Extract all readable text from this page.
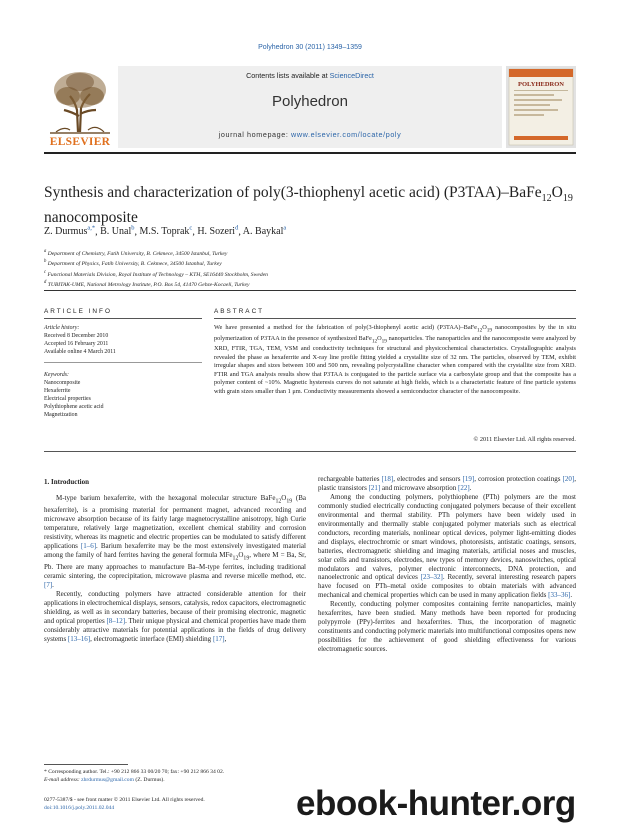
Polyhedron 30 (2011) 1349–1359
ELSEVIER
Contents lists available at ScienceDirect
Polyhedron
journal homepage: www.elsevier.com/locate/poly
POLYHEDRON
Synthesis and characterization of poly(3-thiophenyl acetic acid) $(P3TAA)-BaFe_{12}O_{19}$
nanocomposite
Z. Durmus$^{a,*}$, B. Unal$^b$, M.S. Toprak$^c$, H. Sozeri$^d$, A. Baykal$^a$
$^a$ Department of Chemistry, Fatih University, B. Cekmece, 34500 Istanbul, Turkey
$^b$ Department of Physics, Fatih University, B. Cekmece, 34500 Istanbul, Turkey
$^c$ Functional Materials Division, Royal Institute of Technology – KTH, SE16440 Stockholm, Sweden
$^d$ TUBITAK-UME, National Metrology Institute, P.O. Box 54, 41470 Gebze-Kocaeli, Turkey
ARTICLE INFO
Article history:
Received 8 December 2010
Accepted 16 February 2011
Available online 4 March 2011
Keywords:
Nanocomposite
Hexaferrite
Electrical properties
Polythiophene acetic acid
Magnetization
ABSTRACT
We have presented a method for the fabrication of poly(3-thiophenyl acetic acid) $(P3TAA)-BaFe_{12}O_{19}$ nanocomposites by the in situ polymerization of P3TAA in the presence of synthesized $BaFe_{12}O_{19}$ nanoparticles. The nanoparticles and the nanocomposite were analyzed by XRD, FTIR, TGA, TEM, VSM and conductivity techniques for structural and physicochemical characteristics. Crystallographic analysis revealed the phase as hexaferrite and X-ray line profile fitting yielded a crystallite size of 32 nm. The particles, observed by TEM, exhibit irregular shapes and sizes between 100 and 500 nm, revealing polycrystalline character when compared with the crystallite size from XRD. FTIR and TGA analysis results show that P3TAA is conjugated to the particle surface via a carboxylate group and that the composite has a polymer content of ~10%. Magnetic hysteresis curves do not saturate at high fields, which is a characteristic feature of fine particle systems with grain sizes smaller than 1 μm. Conductivity measurements showed a semiconductor character of the nanocomposite.
© 2011 Elsevier Ltd. All rights reserved.
1. Introduction

M-type barium hexaferrite, with the hexagonal molecular structure $BaFe_{12}O_{19}$ (Ba hexaferrite), is a promising material for permanent magnet, advanced recording and microwave absorption because of its fairly large magnetocrystalline anisotropy, high Curie temperature, relatively large magnetization, excellent chemical stability and corrosion resistivity, whereas its magnetic and electric properties can be modulated to satisfy different applications [1–6]. Barium hexaferrite may be the most extensively investigated material among the family of hard ferrites having the general formula $MFe_{12}O_{19}$, where M = Ba, Sr, Pb. There are many approaches to manufacture Ba–M-type ferrites, including traditional ceramic sintering, the coprecipitation, microwave plasma and reverse micelle method, etc. [7].

Recently, conducting polymers have attracted considerable attention for their applications in electrochemical displays, sensors, catalysis, redox capacitors, electromagnetic shielding, as well as in secondary batteries, because of their promising electronic, magnetic and optical properties [8–12]. Their unique physical and chemical properties have made them considerably attractive materials for potential applications in the fields of drug delivery systems [13–16], electromagnetic interface (EMI) shielding [17],

rechargeable batteries [18], electrodes and sensors [19], corrosion protection coatings [20], plastic transistors [21] and microwave absorption [22].

Among the conducting polymers, polythiophene (PTh) polymers are the most commonly studied electrically conducting conjugated polymers because of their excellent environmental and thermal stability. PTh polymers have been widely used in environmentally and thermally stable conjugated polymer materials such as electrical conductors, recording materials, nonlinear optical devices, polymer light-emitting diodes and displays, electrochromic or smart windows, photoresists, antistatic coatings, sensors, batteries, electromagnetic shielding and imaging materials, artificial noses and muscles, solar cells and transistors, electrodes, new types of memory devices, nanoswitches, optical modulators and valves, polymer electronic interconnects, DNA protection, and nanoelectronic and optical devices [23–32]. Recently, several interesting research papers have focused on PTh–metal oxide composites to obtain materials with advanced mechanical and chemical properties which can be used in many application fields [33–36].

Recently, conducting polymer composites containing ferrite nanoparticles, mainly hexaferrites, have been studied. Many methods have been reported for producing polypyrrole (PPy)-ferrites and hexaferrites. Thus, the incorporation of magnetic constituents and conducting polymeric materials into multifunctional composites opens new possibilities for the achievement of good shielding effectiveness for various electromagnetic sources.

* Corresponding author. Tel.: +90 212 866 33 00/20 70; fax: +90 212 866 34 02.
E-mail address: zhrdurmus@gmail.com (Z. Durmus).
0277-5387/$ - see front matter © 2011 Elsevier Ltd. All rights reserved.
doi:10.1016/j.poly.2011.02.044	ebook-hunter.org
